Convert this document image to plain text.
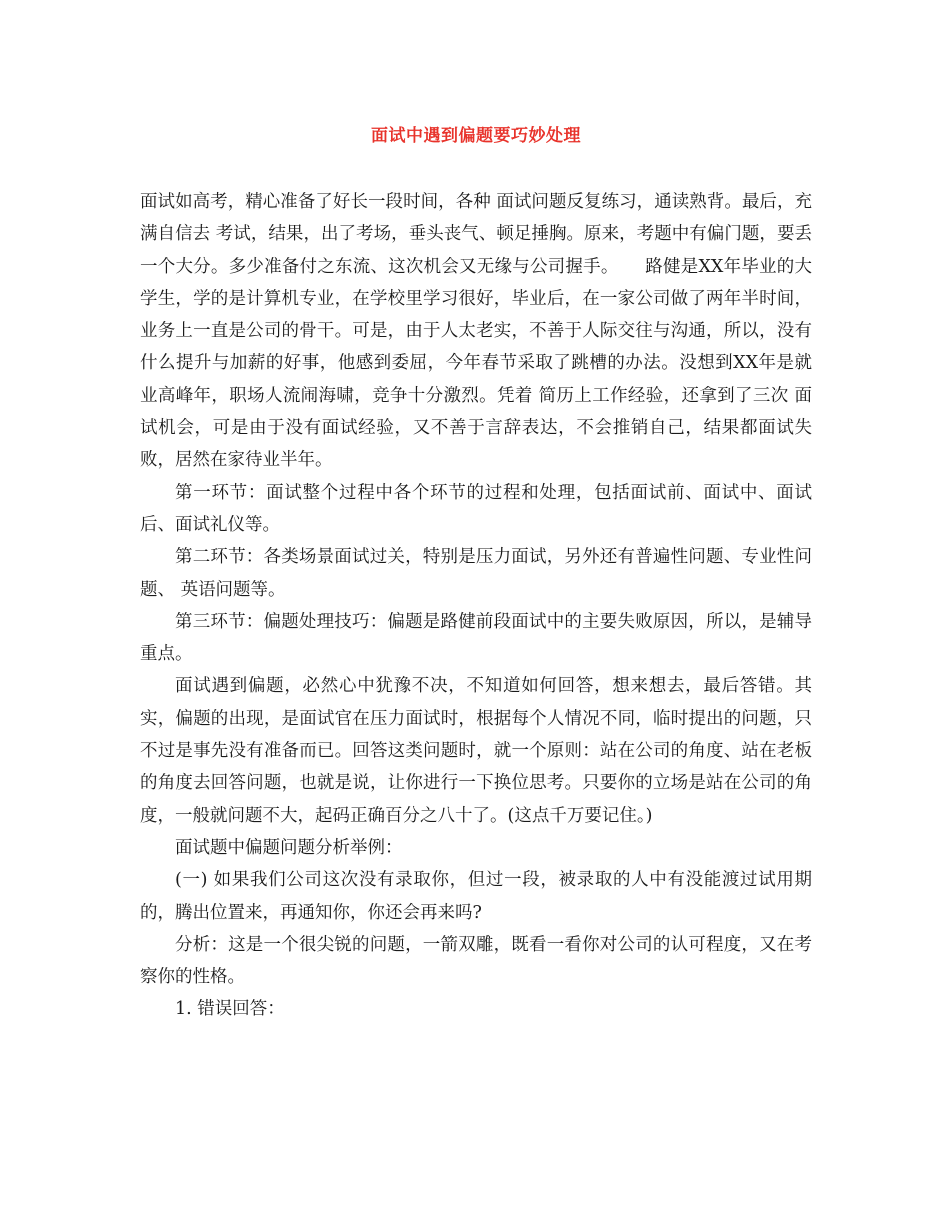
面试中遇到偏题要巧妙处理

面试如高考，精心准备了好长一段时间，各种 面试问题反复练习，通读熟背。最后，充满自信去 考试，结果，出了考场，垂头丧气、顿足捶胸。原来，考题中有偏门题，要丢一个大分。多少准备付之东流、这次机会又无缘与公司握手。　　路健是XX年毕业的大学生，学的是计算机专业，在学校里学习很好，毕业后，在一家公司做了两年半时间，业务上一直是公司的骨干。可是，由于人太老实，不善于人际交往与沟通，所以，没有什么提升与加薪的好事，他感到委屈，今年春节采取了跳槽的办法。没想到XX年是就业高峰年，职场人流闹海啸，竞争十分激烈。凭着 简历上工作经验，还拿到了三次 面试机会，可是由于没有面试经验，又不善于言辞表达，不会推销自己，结果都面试失败，居然在家待业半年。

第一环节：面试整个过程中各个环节的过程和处理，包括面试前、面试中、面试后、面试礼仪等。

第二环节：各类场景面试过关，特别是压力面试，另外还有普遍性问题、专业性问题、 英语问题等。

第三环节：偏题处理技巧：偏题是路健前段面试中的主要失败原因，所以，是辅导重点。

面试遇到偏题，必然心中犹豫不决，不知道如何回答，想来想去，最后答错。其实，偏题的出现，是面试官在压力面试时，根据每个人情况不同，临时提出的问题，只不过是事先没有准备而已。回答这类问题时，就一个原则：站在公司的角度、站在老板的角度去回答问题，也就是说，让你进行一下换位思考。只要你的立场是站在公司的角度，一般就问题不大，起码正确百分之八十了。(这点千万要记住。)

面试题中偏题问题分析举例：

(一) 如果我们公司这次没有录取你，但过一段，被录取的人中有没能渡过试用期的，腾出位置来，再通知你，你还会再来吗?

分析：这是一个很尖锐的问题，一箭双雕，既看一看你对公司的认可程度，又在考察你的性格。

1. 错误回答：
